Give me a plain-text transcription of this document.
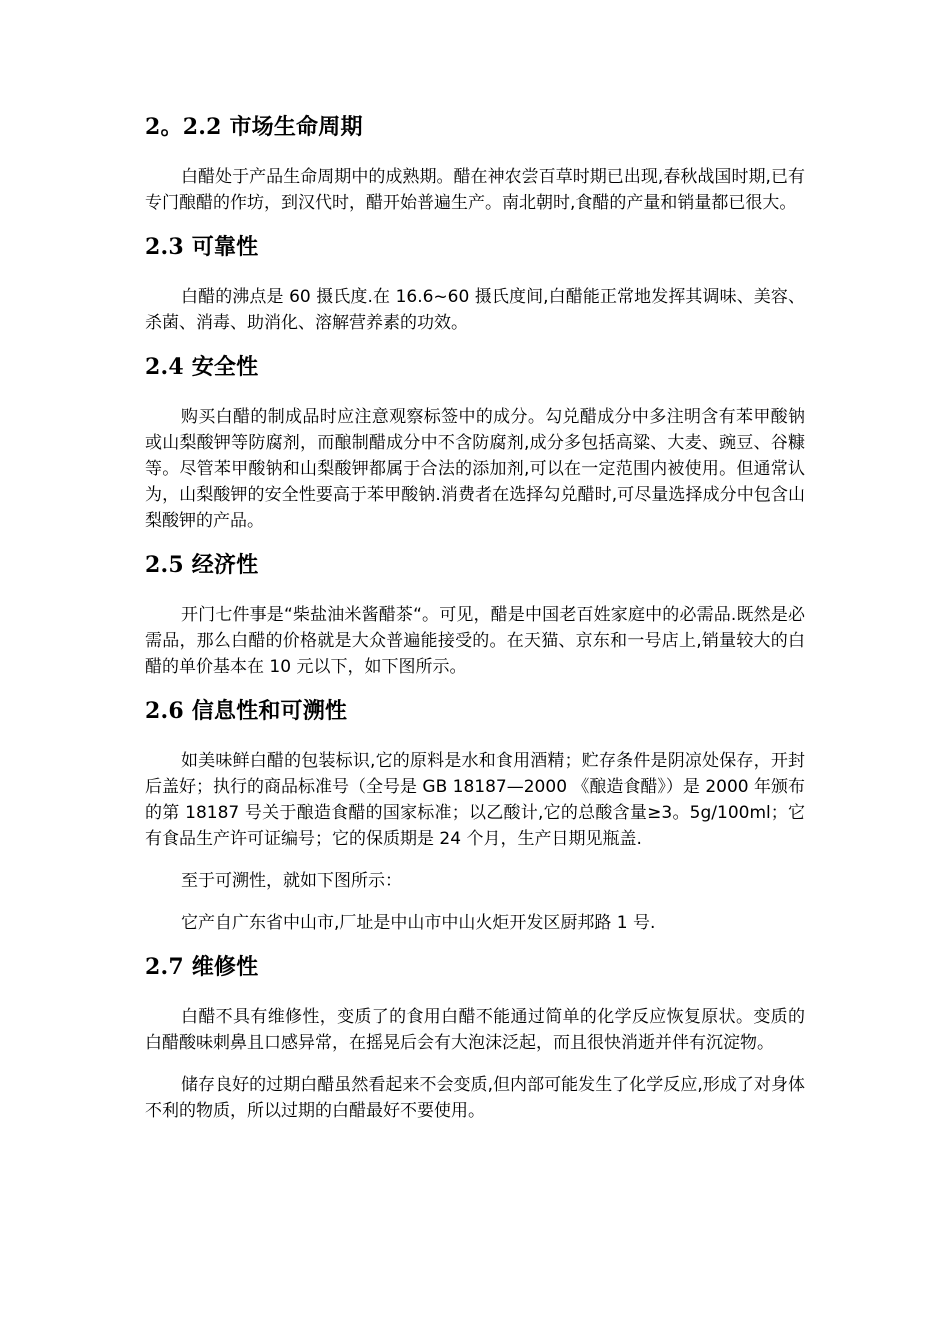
2。2.2 市场生命周期

白醋处于产品生命周期中的成熟期。醋在神农尝百草时期已出现,春秋战国时期,已有专门酿醋的作坊，到汉代时，醋开始普遍生产。南北朝时,食醋的产量和销量都已很大。

2.3 可靠性

白醋的沸点是 60 摄氏度.在 16.6~60 摄氏度间,白醋能正常地发挥其调味、美容、杀菌、消毒、助消化、溶解营养素的功效。

2.4 安全性

购买白醋的制成品时应注意观察标签中的成分。勾兑醋成分中多注明含有苯甲酸钠或山梨酸钾等防腐剂，而酿制醋成分中不含防腐剂,成分多包括高粱、大麦、豌豆、谷糠等。尽管苯甲酸钠和山梨酸钾都属于合法的添加剂,可以在一定范围内被使用。但通常认为，山梨酸钾的安全性要高于苯甲酸钠.消费者在选择勾兑醋时,可尽量选择成分中包含山梨酸钾的产品。

2.5 经济性

开门七件事是“柴盐油米酱醋茶“。可见，醋是中国老百姓家庭中的必需品.既然是必需品，那么白醋的价格就是大众普遍能接受的。在天猫、京东和一号店上,销量较大的白醋的单价基本在 10 元以下，如下图所示。

2.6 信息性和可溯性

如美味鲜白醋的包装标识,它的原料是水和食用酒精；贮存条件是阴凉处保存，开封后盖好；执行的商品标准号（全号是 GB 18187—2000 《酿造食醋》）是 2000 年颁布的第 18187 号关于酿造食醋的国家标准；以乙酸计,它的总酸含量≥3。5g/100ml；它有食品生产许可证编号；它的保质期是 24 个月，生产日期见瓶盖.

至于可溯性，就如下图所示：

它产自广东省中山市,厂址是中山市中山火炬开发区厨邦路 1 号.

2.7 维修性

白醋不具有维修性，变质了的食用白醋不能通过简单的化学反应恢复原状。变质的白醋酸味刺鼻且口感异常，在摇晃后会有大泡沫泛起，而且很快消逝并伴有沉淀物。

储存良好的过期白醋虽然看起来不会变质,但内部可能发生了化学反应,形成了对身体不利的物质，所以过期的白醋最好不要使用。
